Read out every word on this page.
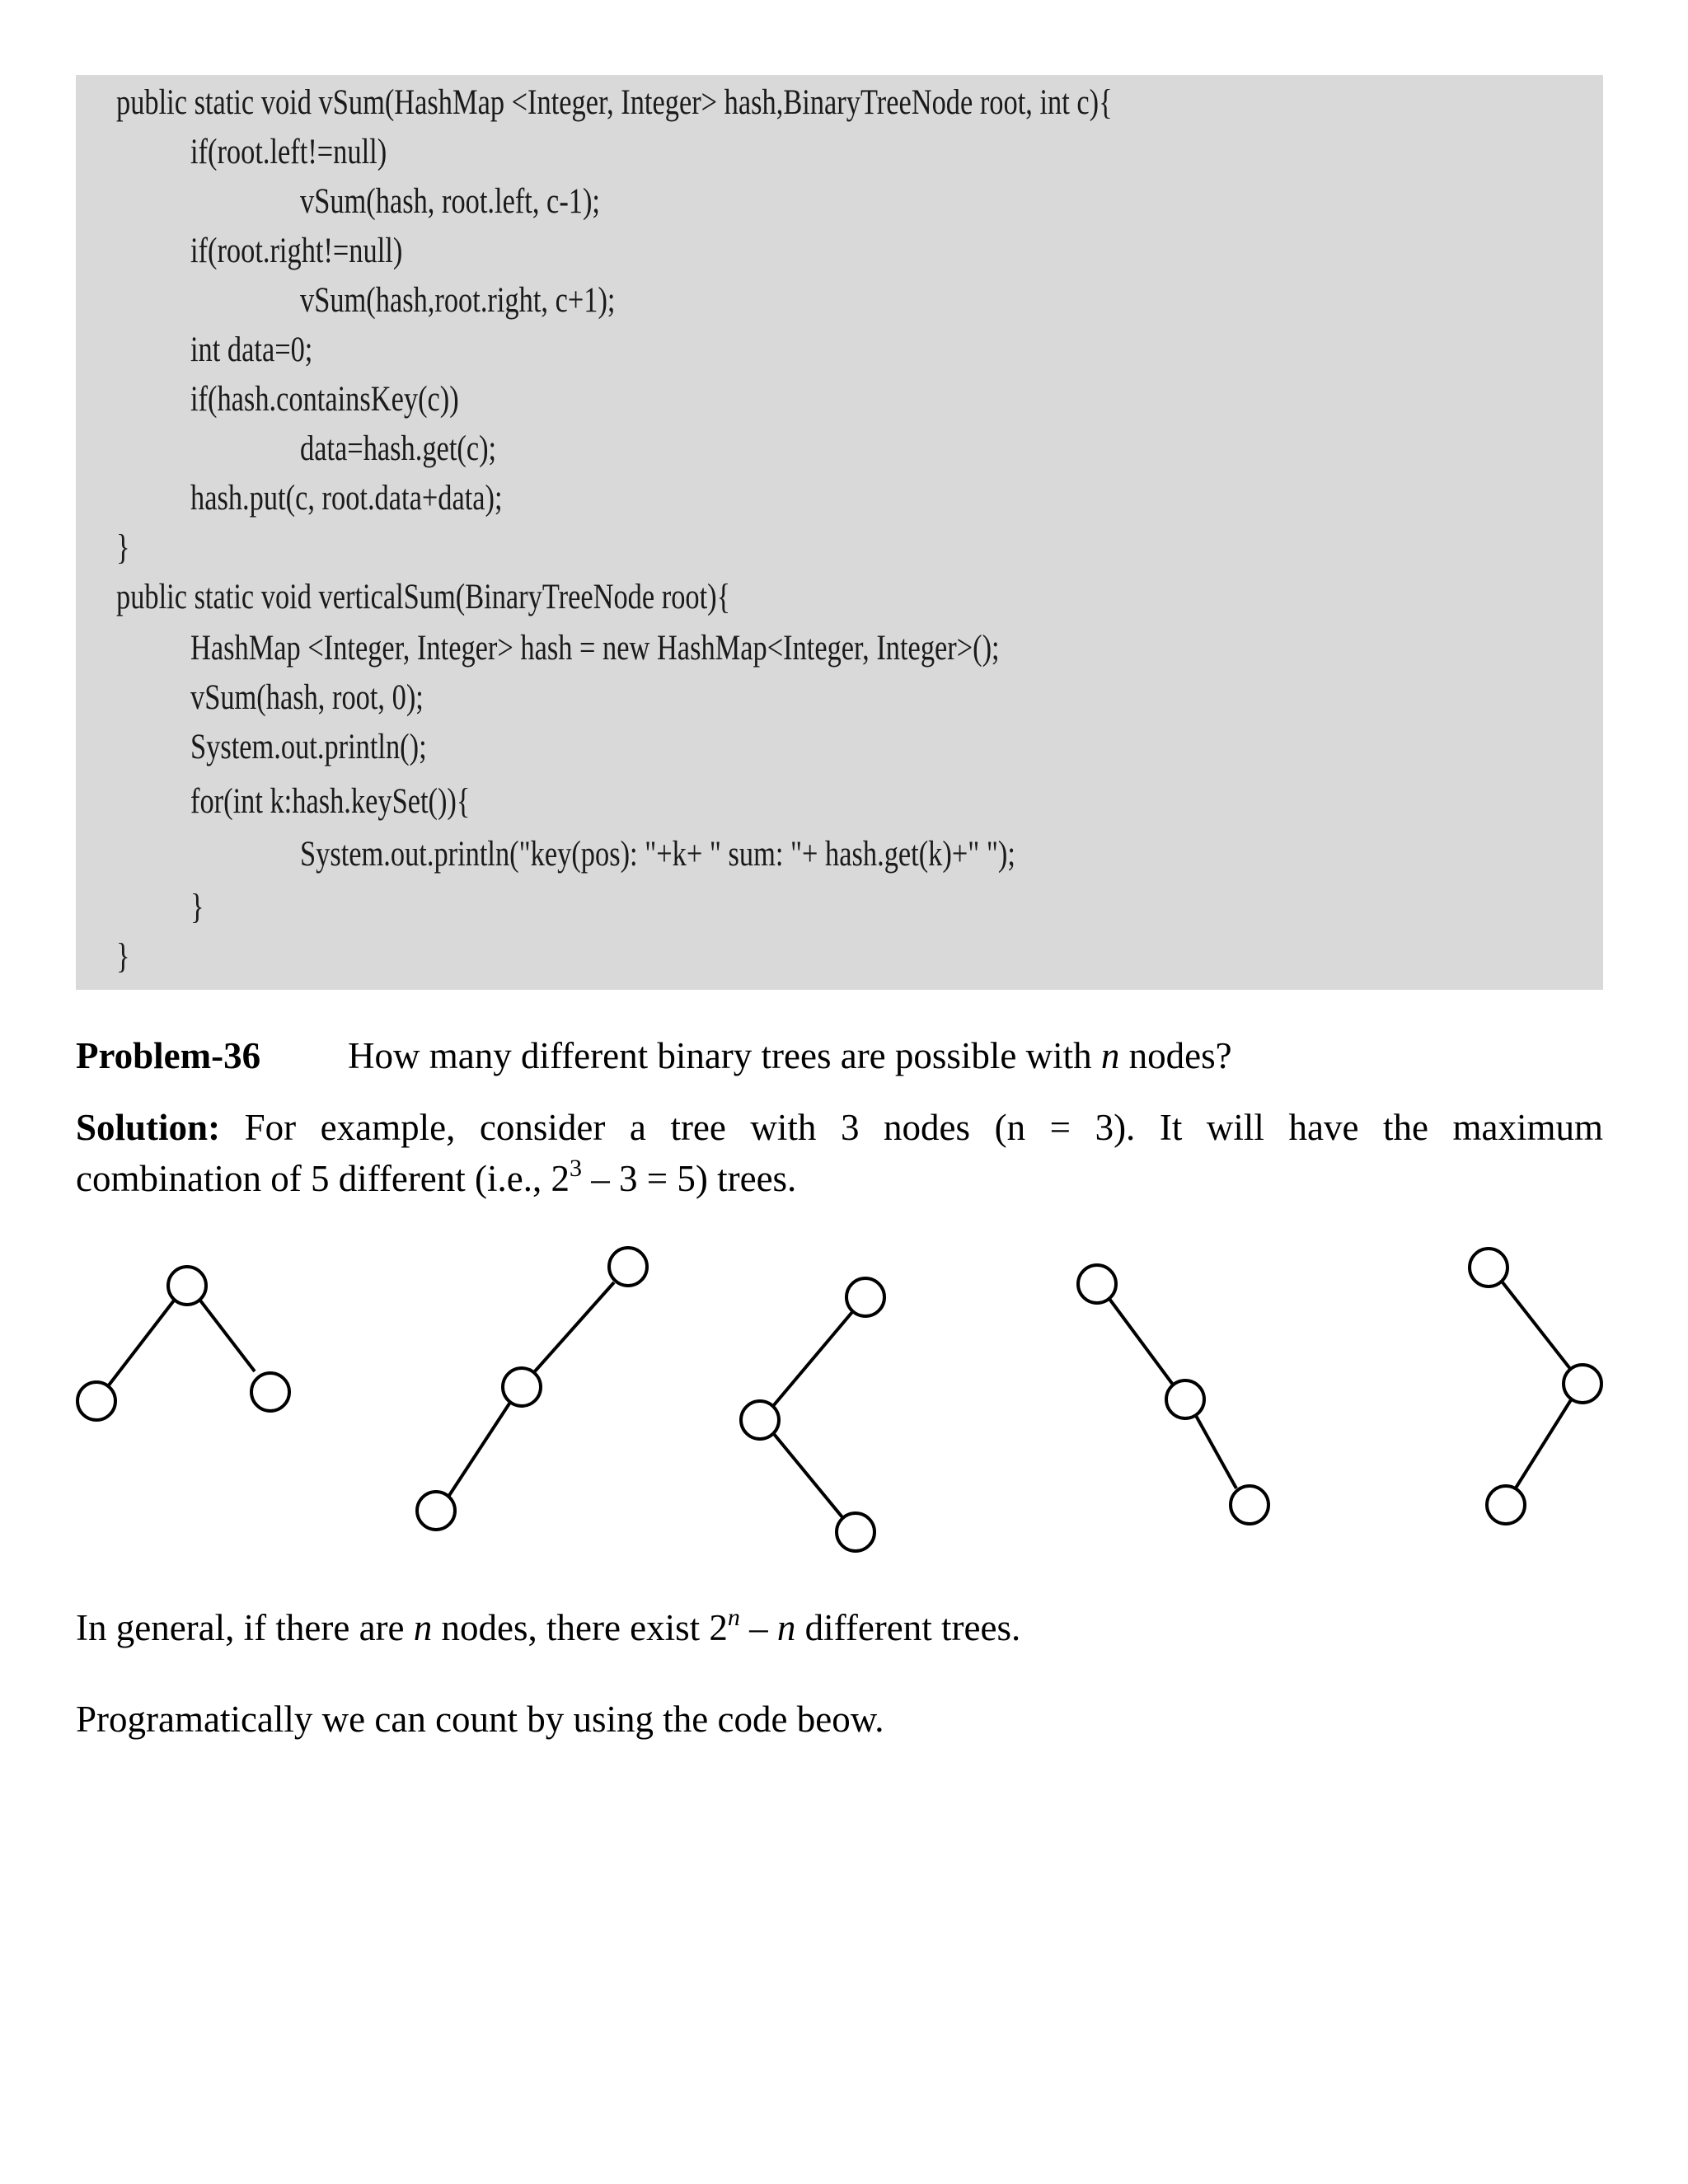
public static void vSum(HashMap <Integer, Integer> hash,BinaryTreeNode root, int c){
if(root.left!=null)
vSum(hash, root.left, c-1);
if(root.right!=null)
vSum(hash,root.right, c+1);
int data=0;
if(hash.containsKey(c))
data=hash.get(c);
hash.put(c, root.data+data);
}
public static void verticalSum(BinaryTreeNode root){
HashMap <Integer, Integer> hash = new HashMap<Integer, Integer>();
vSum(hash, root, 0);
System.out.println();
for(int k:hash.keySet()){
System.out.println("key(pos): "+k+ " sum: "+ hash.get(k)+" ");
}
}
Problem-36 How many different binary trees are possible with n nodes?
Solution: For example, consider a tree with 3 nodes (n = 3). It will have the maximum
combination of 5 different (i.e., $2^3 - 3 = 5$) trees.
In general, if there are n nodes, there exist 2$^n$ – n different trees.
Programatically we can count by using the code beow.
